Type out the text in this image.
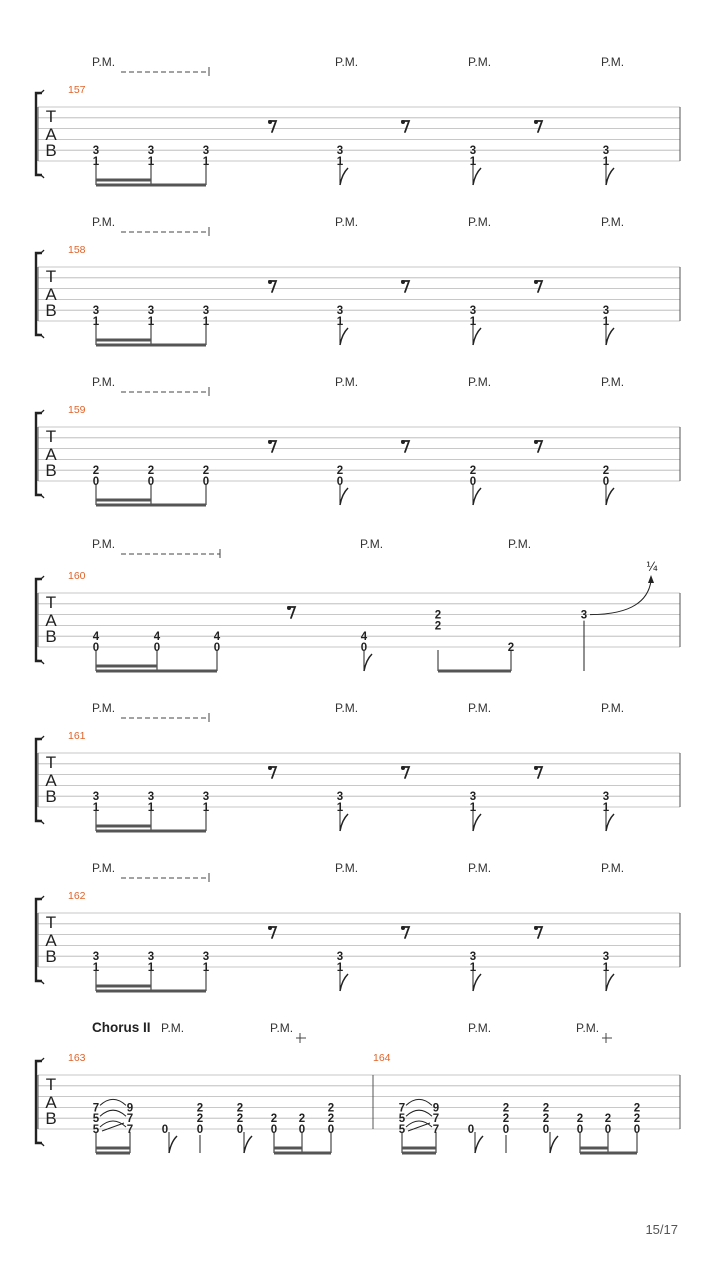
T
A
B
157
P.M.	P.M.	P.M.	P.M.
3
1
3
1
3
1
3
1
3
1
3
1
T
A
B
158
P.M.	P.M.	P.M.	P.M.
3
1
3
1
3
1
3
1
3
1
3
1
T
A
B
159
P.M.	P.M.	P.M.	P.M.
2
0
2
0
2
0
2
0
2
0
2
0
T
A
B
161
P.M.	P.M.	P.M.	P.M.
3
1
3
1
3
1
3
1
3
1
3
1
T
A
B
162
P.M.	P.M.	P.M.	P.M.
3
1
3
1
3
1
3
1
3
1
3
1
T
A
B
160
P.M.	P.M.	P.M.
4
0
4
0
4
0
4
0
2
2
2
3
¼
T
A
B
163	164
Chorus II P.M.	P.M.	P.M.	P.M.
7
5
5
9
7
7 0
2
2
0
2
2
0
2
0
2
0
2
2
0
7
5
5
9
7
7 0
2
2
0
2
2
0
2
0
2
0
2
2
0
15/17
